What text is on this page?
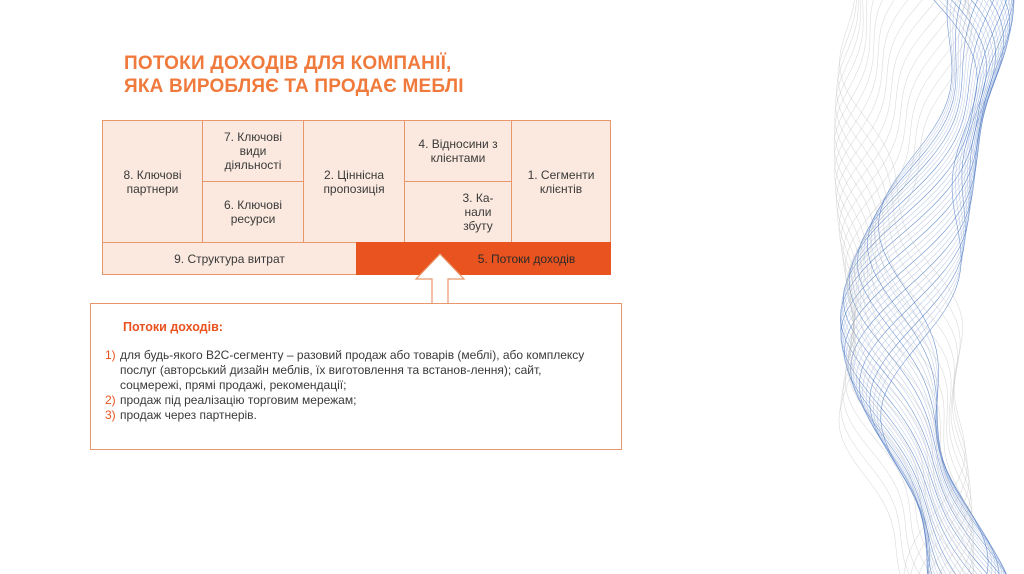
ПОТОКИ ДОХОДІВ ДЛЯ КОМПАНІЇ,
ЯКА ВИРОБЛЯЄ ТА ПРОДАЄ МЕБЛІ
8. Ключові партнери
7. Ключові види діяльності
6. Ключові ресурси
2. Ціннісна пропозиція
4. Відносини з клієнтами
3. Ка-нали збуту
1. Сегменти клієнтів
9. Структура витрат	5. Потоки доходів
Потоки доходів:
1) для будь-якого В2С-сегменту – разовий продаж або товарів (меблі), або комплексу послуг (авторський дизайн меблів, їх виготовлення та встанов-лення); сайт, соцмережі, прямі продажі, рекомендації;
2) продаж під реалізацію торговим мережам;
3) продаж через партнерів.
